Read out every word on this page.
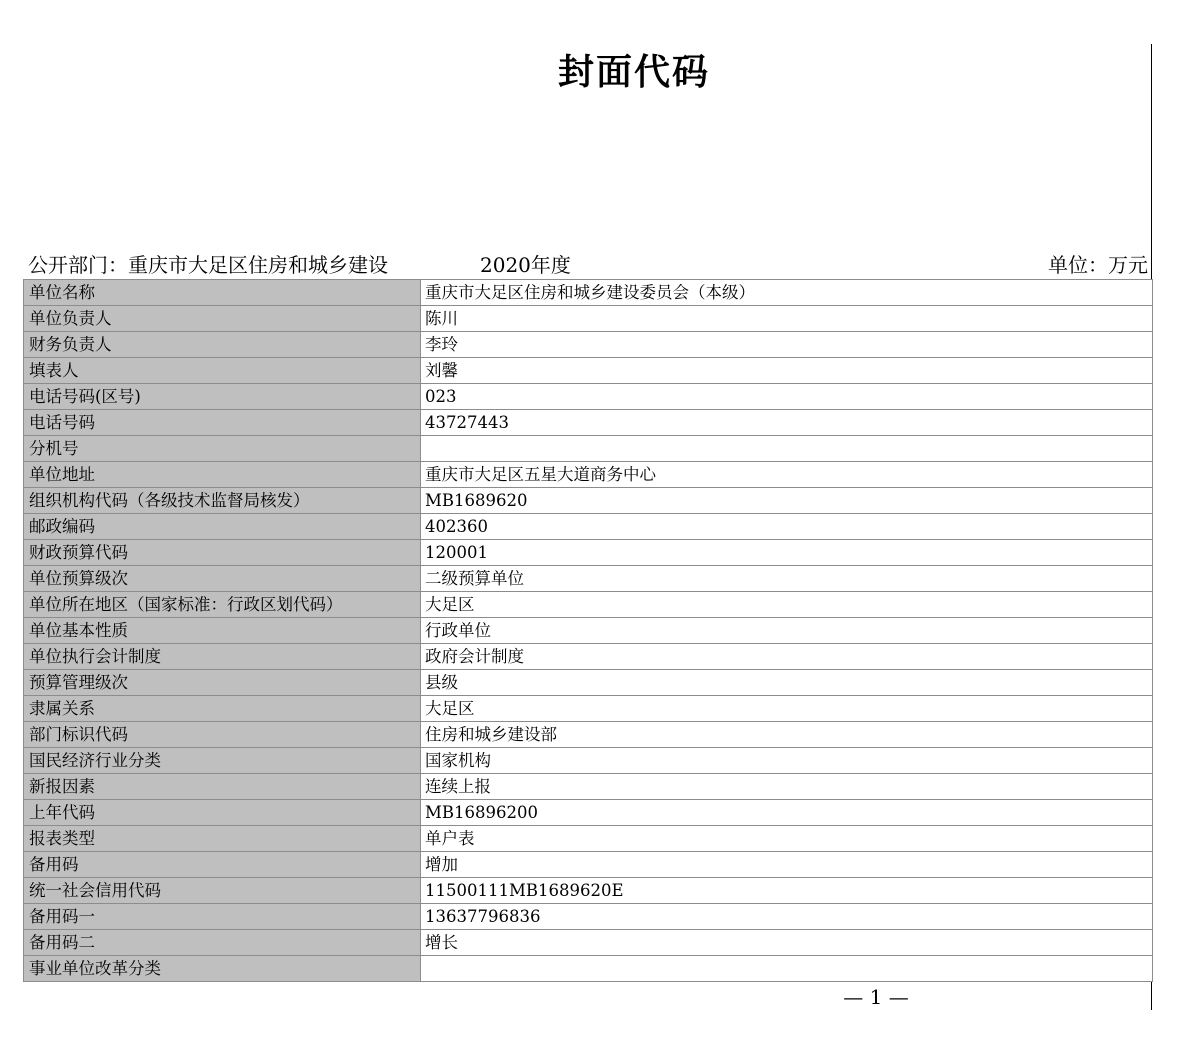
封面代码
公开部门：重庆市大足区住房和城乡建设	2020年度	单位：万元
单位名称	重庆市大足区住房和城乡建设委员会（本级）
单位负责人	陈川
财务负责人	李玲
填表人	刘馨
电话号码(区号)	023
电话号码	43727443
分机号	
单位地址	重庆市大足区五星大道商务中心
组织机构代码（各级技术监督局核发）	MB1689620
邮政编码	402360
财政预算代码	120001
单位预算级次	二级预算单位
单位所在地区（国家标准：行政区划代码）	大足区
单位基本性质	行政单位
单位执行会计制度	政府会计制度
预算管理级次	县级
隶属关系	大足区
部门标识代码	住房和城乡建设部
国民经济行业分类	国家机构
新报因素	连续上报
上年代码	MB16896200
报表类型	单户表
备用码	增加
统一社会信用代码	11500111MB1689620E
备用码一	13637796836
备用码二	增长
事业单位改革分类	
— 1 —
